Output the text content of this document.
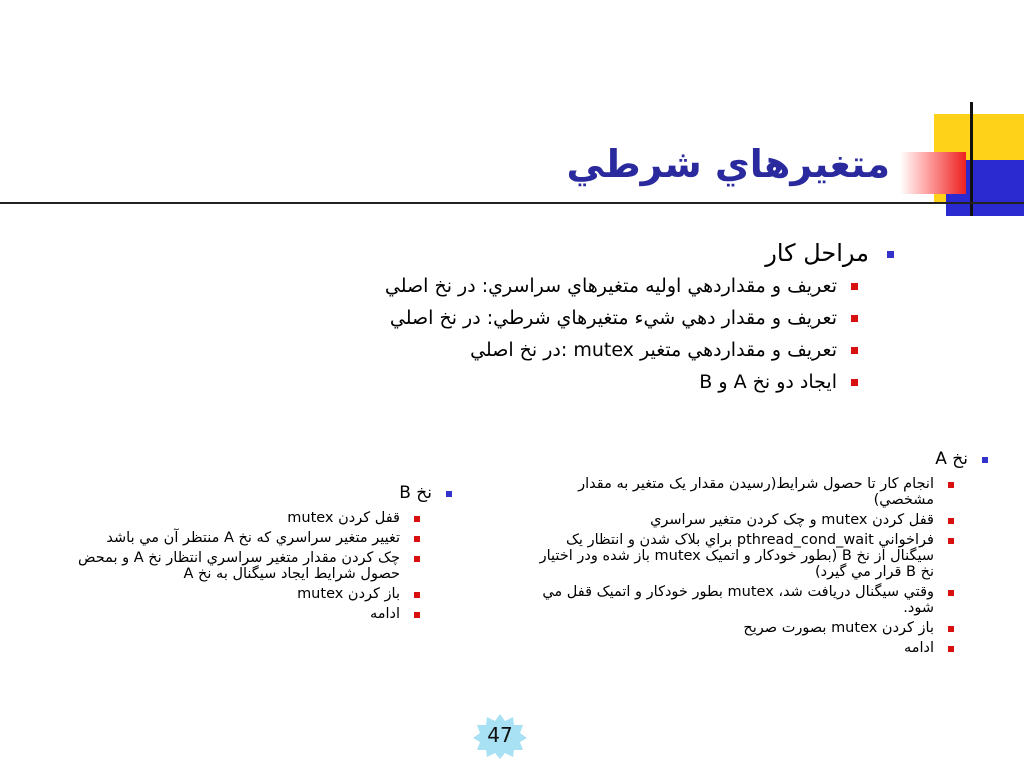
متغيرهاي شرطي
مراحل کار
تعريف و مقداردهي اوليه متغيرهاي سراسري: در نخ اصلي
تعريف و مقدار دهي شيء متغيرهاي شرطي: در نخ اصلي
تعريف و مقداردهي متغير mutex :در نخ اصلي
ايجاد دو نخ A و B
نخ A
انجام کار تا حصول شرايط(رسيدن مقدار يک متغير به مقدار مشخصي)
قفل کردن mutex و چک کردن متغير سراسري
فراخواني pthread_cond_wait براي بلاک شدن و انتظار يک سيگنال از نخ B (بطور خودکار و اتميک mutex باز شده ودر اختيار نخ B قرار مي گيرد)
وقتي سيگنال دريافت شد، mutex بطور خودکار و اتميک قفل مي شود.
باز کردن mutex بصورت صريح
ادامه
نخ B
قفل کردن mutex
تغيير متغير سراسري که نخ A منتظر آن مي باشد
چک کردن مقدار متغير سراسري انتظار نخ A و بمحض حصول شرايط ايجاد سيگنال به نخ A
باز کردن mutex
ادامه
47
